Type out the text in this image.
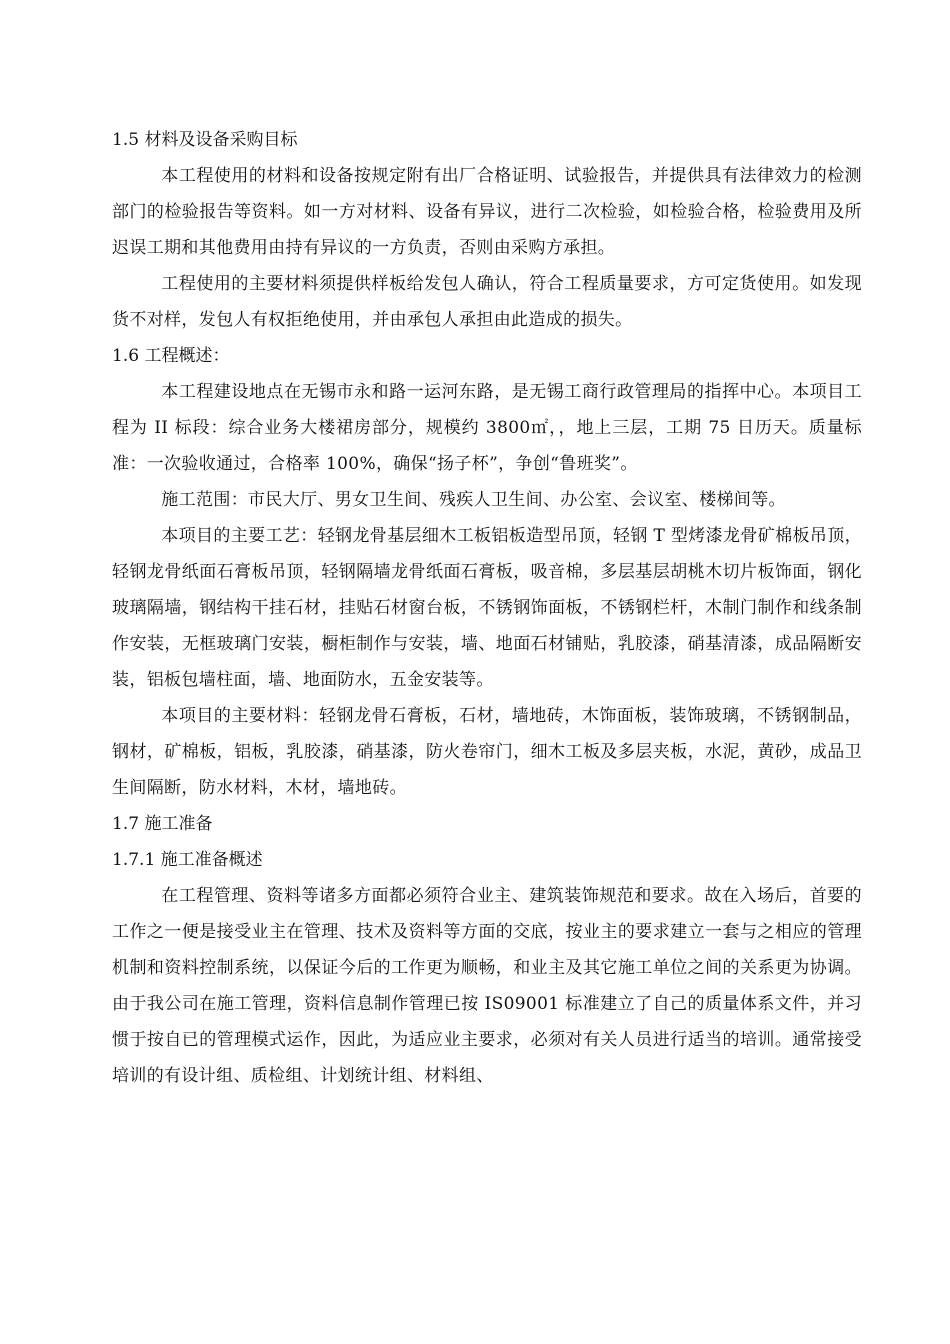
1.5 材料及设备采购目标

本工程使用的材料和设备按规定附有出厂合格证明、试验报告，并提供具有法律效力的检测部门的检验报告等资料。如一方对材料、设备有异议，进行二次检验，如检验合格，检验费用及所迟误工期和其他费用由持有异议的一方负责，否则由采购方承担。

工程使用的主要材料须提供样板给发包人确认，符合工程质量要求，方可定货使用。如发现货不对样，发包人有权拒绝使用，并由承包人承担由此造成的损失。

1.6 工程概述：

本工程建设地点在无锡市永和路一运河东路，是无锡工商行政管理局的指挥中心。本项目工程为 II 标段：综合业务大楼裙房部分，规模约 3800㎡，，地上三层，工期 75 日历天。质量标准：一次验收通过，合格率 100%，确保“扬子杯”，争创“鲁班奖”。

施工范围：市民大厅、男女卫生间、残疾人卫生间、办公室、会议室、楼梯间等。

本项目的主要工艺：轻钢龙骨基层细木工板铝板造型吊顶，轻钢 T 型烤漆龙骨矿棉板吊顶，轻钢龙骨纸面石膏板吊顶，轻钢隔墙龙骨纸面石膏板，吸音棉，多层基层胡桃木切片板饰面，钢化玻璃隔墙，钢结构干挂石材，挂贴石材窗台板，不锈钢饰面板，不锈钢栏杆，木制门制作和线条制作安装，无框玻璃门安装，橱柜制作与安装，墙、地面石材铺贴，乳胶漆，硝基清漆，成品隔断安装，铝板包墙柱面，墙、地面防水，五金安装等。

本项目的主要材料：轻钢龙骨石膏板，石材，墙地砖，木饰面板，装饰玻璃，不锈钢制品，钢材，矿棉板，铝板，乳胶漆，硝基漆，防火卷帘门，细木工板及多层夹板，水泥，黄砂，成品卫生间隔断，防水材料，木材，墙地砖。

1.7 施工准备

1.7.1 施工准备概述

在工程管理、资料等诸多方面都必须符合业主、建筑装饰规范和要求。故在入场后，首要的工作之一便是接受业主在管理、技术及资料等方面的交底，按业主的要求建立一套与之相应的管理机制和资料控制系统，以保证今后的工作更为顺畅，和业主及其它施工单位之间的关系更为协调。由于我公司在施工管理，资料信息制作管理已按 IS09001 标准建立了自己的质量体系文件，并习惯于按自已的管理模式运作，因此，为适应业主要求，必须对有关人员进行适当的培训。通常接受培训的有设计组、质检组、计划统计组、材料组、
